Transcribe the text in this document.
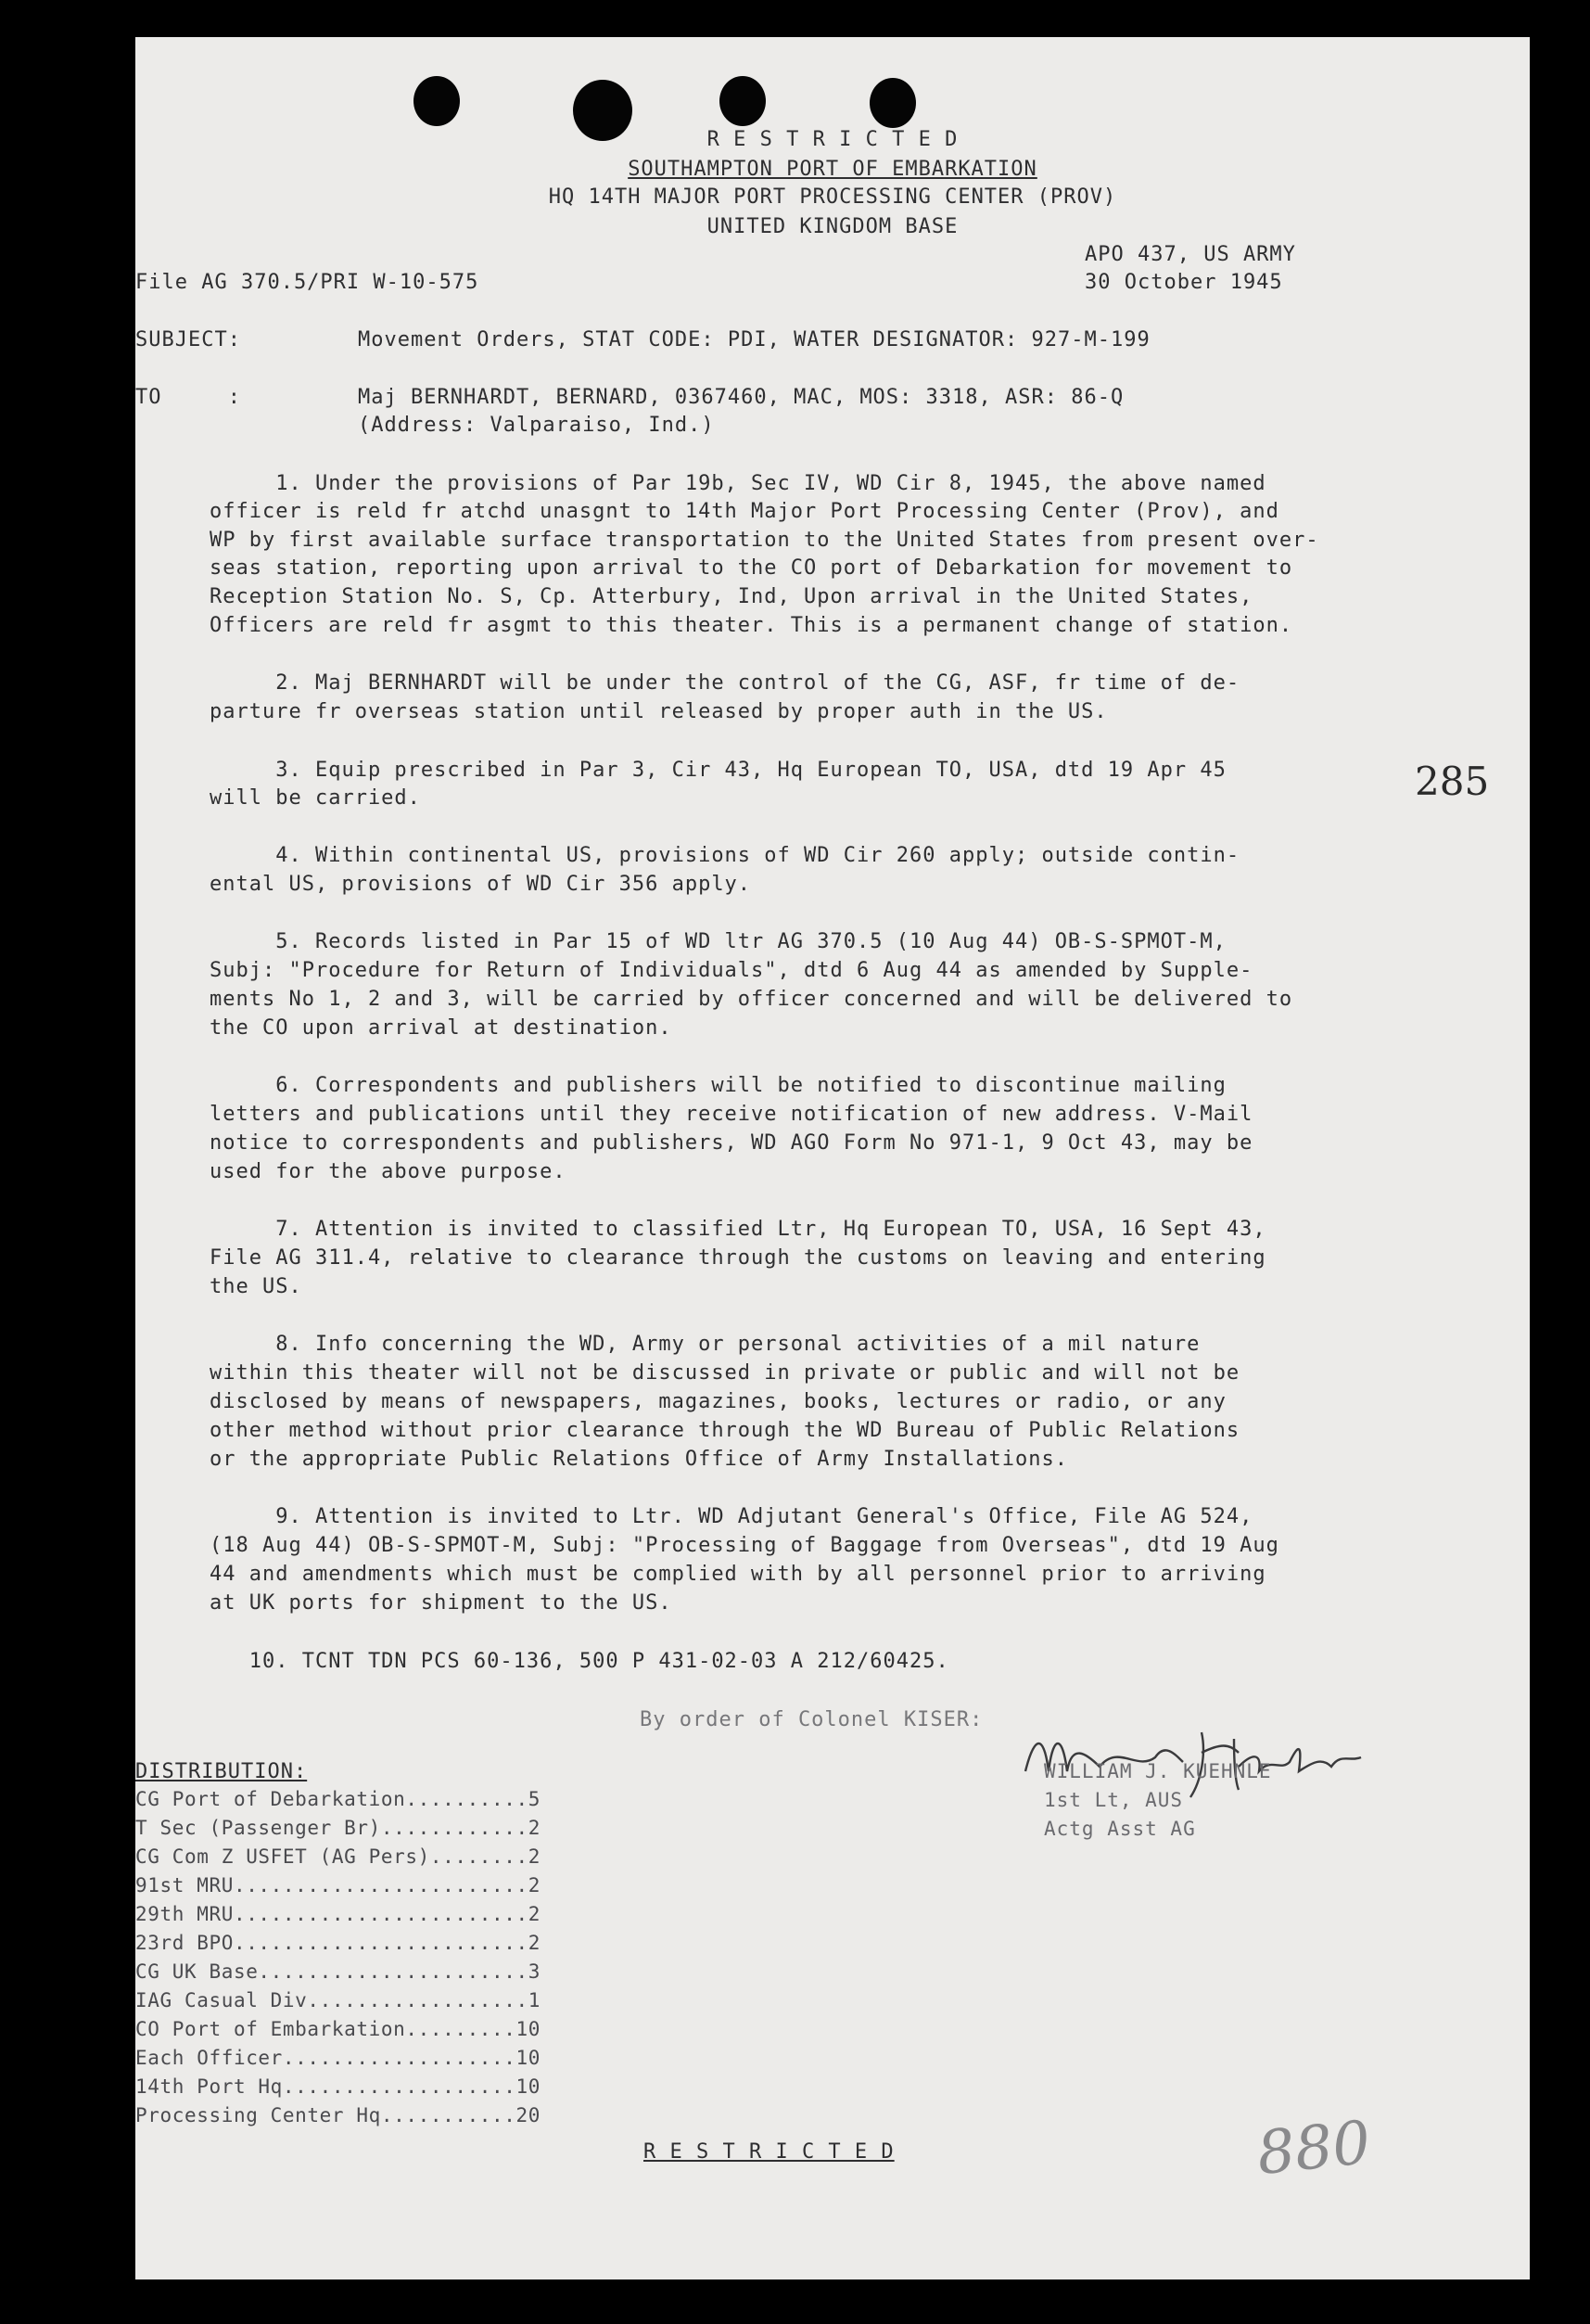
R E S T R I C T E D
SOUTHAMPTON PORT OF EMBARKATION
HQ 14TH MAJOR PORT PROCESSING CENTER (PROV)
UNITED KINGDOM BASE
APO 437, US ARMY
File AG 370.5/PRI W-10-575	30 October 1945
SUBJECT:	Movement Orders, STAT CODE: PDI, WATER DESIGNATOR: 927-M-199
TO     :	Maj BERNHARDT, BERNARD, 0367460, MAC, MOS: 3318, ASR: 86-Q
(Address: Valparaiso, Ind.)
1. Under the provisions of Par 19b, Sec IV, WD Cir 8, 1945, the above named
officer is reld fr atchd unasgnt to 14th Major Port Processing Center (Prov), and
WP by first available surface transportation to the United States from present over-
seas station, reporting upon arrival to the CO port of Debarkation for movement to
Reception Station No. S, Cp. Atterbury, Ind, Upon arrival in the United States,
Officers are reld fr asgmt to this theater. This is a permanent change of station.
2. Maj BERNHARDT will be under the control of the CG, ASF, fr time of de-
parture fr overseas station until released by proper auth in the US.
3. Equip prescribed in Par 3, Cir 43, Hq European TO, USA, dtd 19 Apr 45
will be carried.	285
4. Within continental US, provisions of WD Cir 260 apply; outside contin-
ental US, provisions of WD Cir 356 apply.
5. Records listed in Par 15 of WD ltr AG 370.5 (10 Aug 44) OB-S-SPMOT-M,
Subj: "Procedure for Return of Individuals", dtd 6 Aug 44 as amended by Supple-
ments No 1, 2 and 3, will be carried by officer concerned and will be delivered to
the CO upon arrival at destination.
6. Correspondents and publishers will be notified to discontinue mailing
letters and publications until they receive notification of new address. V-Mail
notice to correspondents and publishers, WD AGO Form No 971-1, 9 Oct 43, may be
used for the above purpose.
7. Attention is invited to classified Ltr, Hq European TO, USA, 16 Sept 43,
File AG 311.4, relative to clearance through the customs on leaving and entering
the US.
8. Info concerning the WD, Army or personal activities of a mil nature
within this theater will not be discussed in private or public and will not be
disclosed by means of newspapers, magazines, books, lectures or radio, or any
other method without prior clearance through the WD Bureau of Public Relations
or the appropriate Public Relations Office of Army Installations.
9. Attention is invited to Ltr. WD Adjutant General's Office, File AG 524,
(18 Aug 44) OB-S-SPMOT-M, Subj: "Processing of Baggage from Overseas", dtd 19 Aug
44 and amendments which must be complied with by all personnel prior to arriving
at UK ports for shipment to the US.
10. TCNT TDN PCS 60-136, 500 P 431-02-03 A 212/60425.
By order of Colonel KISER:
WILLIAM J. KUEHNLE
1st Lt, AUS
Actg Asst AG
DISTRIBUTION:
CG Port of Debarkation..........5
T Sec (Passenger Br)............2
CG Com Z USFET (AG Pers)........2
91st MRU........................2
29th MRU........................2
23rd BPO........................2
CG UK Base......................3
IAG Casual Div..................1
CO Port of Embarkation.........10
Each Officer...................10
14th Port Hq...................10
Processing Center Hq...........20
R E S T R I C T E D	880
